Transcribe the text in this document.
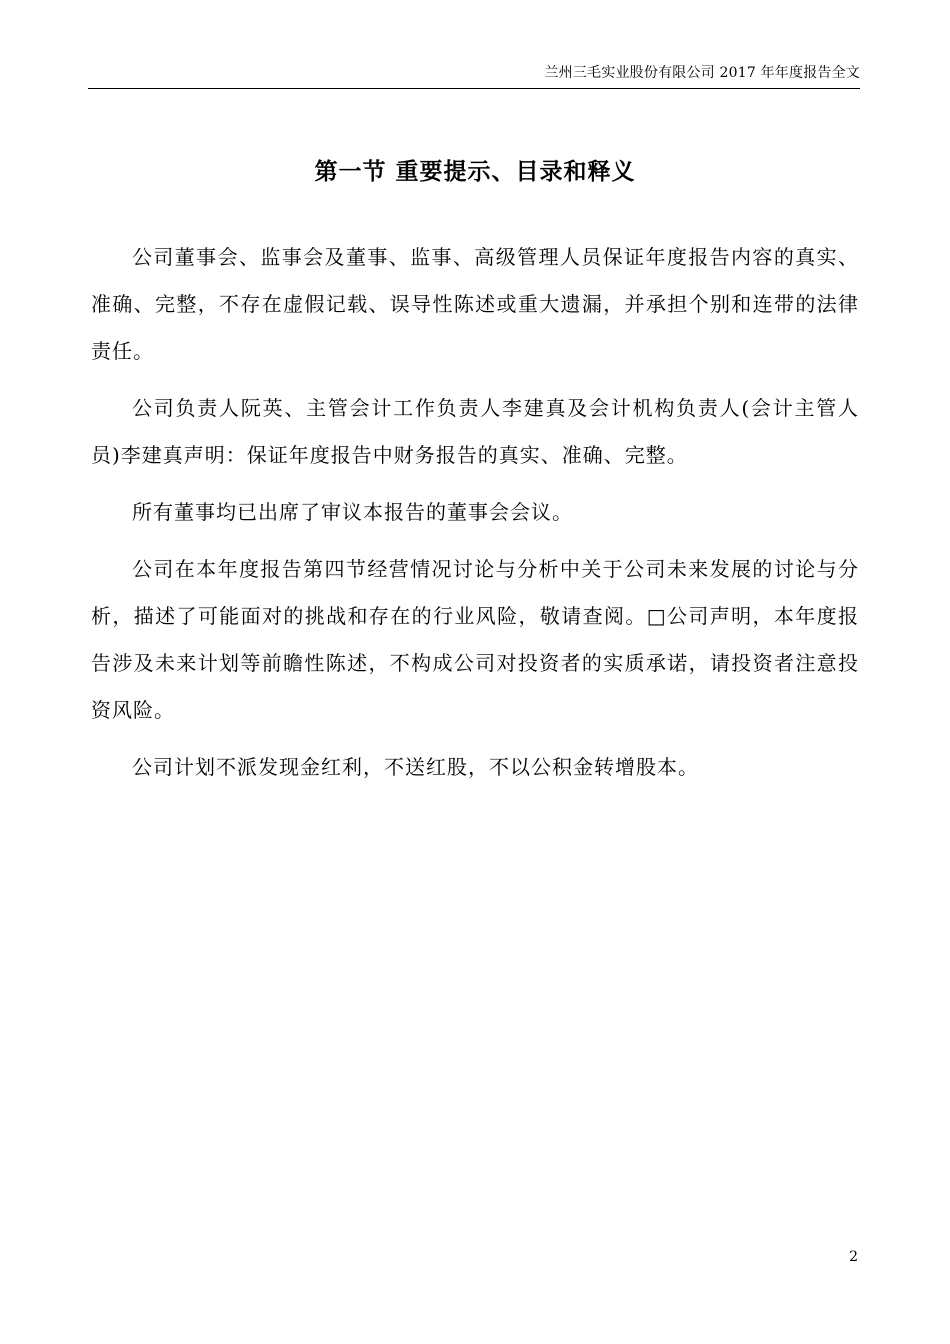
兰州三毛实业股份有限公司 2017 年年度报告全文
第一节 重要提示、目录和释义

公司董事会、监事会及董事、监事、高级管理人员保证年度报告内容的真实、准确、完整，不存在虚假记载、误导性陈述或重大遗漏，并承担个别和连带的法律责任。

公司负责人阮英、主管会计工作负责人李建真及会计机构负责人(会计主管人员)李建真声明：保证年度报告中财务报告的真实、准确、完整。

所有董事均已出席了审议本报告的董事会会议。

公司在本年度报告第四节经营情况讨论与分析中关于公司未来发展的讨论与分析，描述了可能面对的挑战和存在的行业风险，敬请查阅。□公司声明，本年度报告涉及未来计划等前瞻性陈述，不构成公司对投资者的实质承诺，请投资者注意投资风险。

公司计划不派发现金红利，不送红股，不以公积金转增股本。

2
